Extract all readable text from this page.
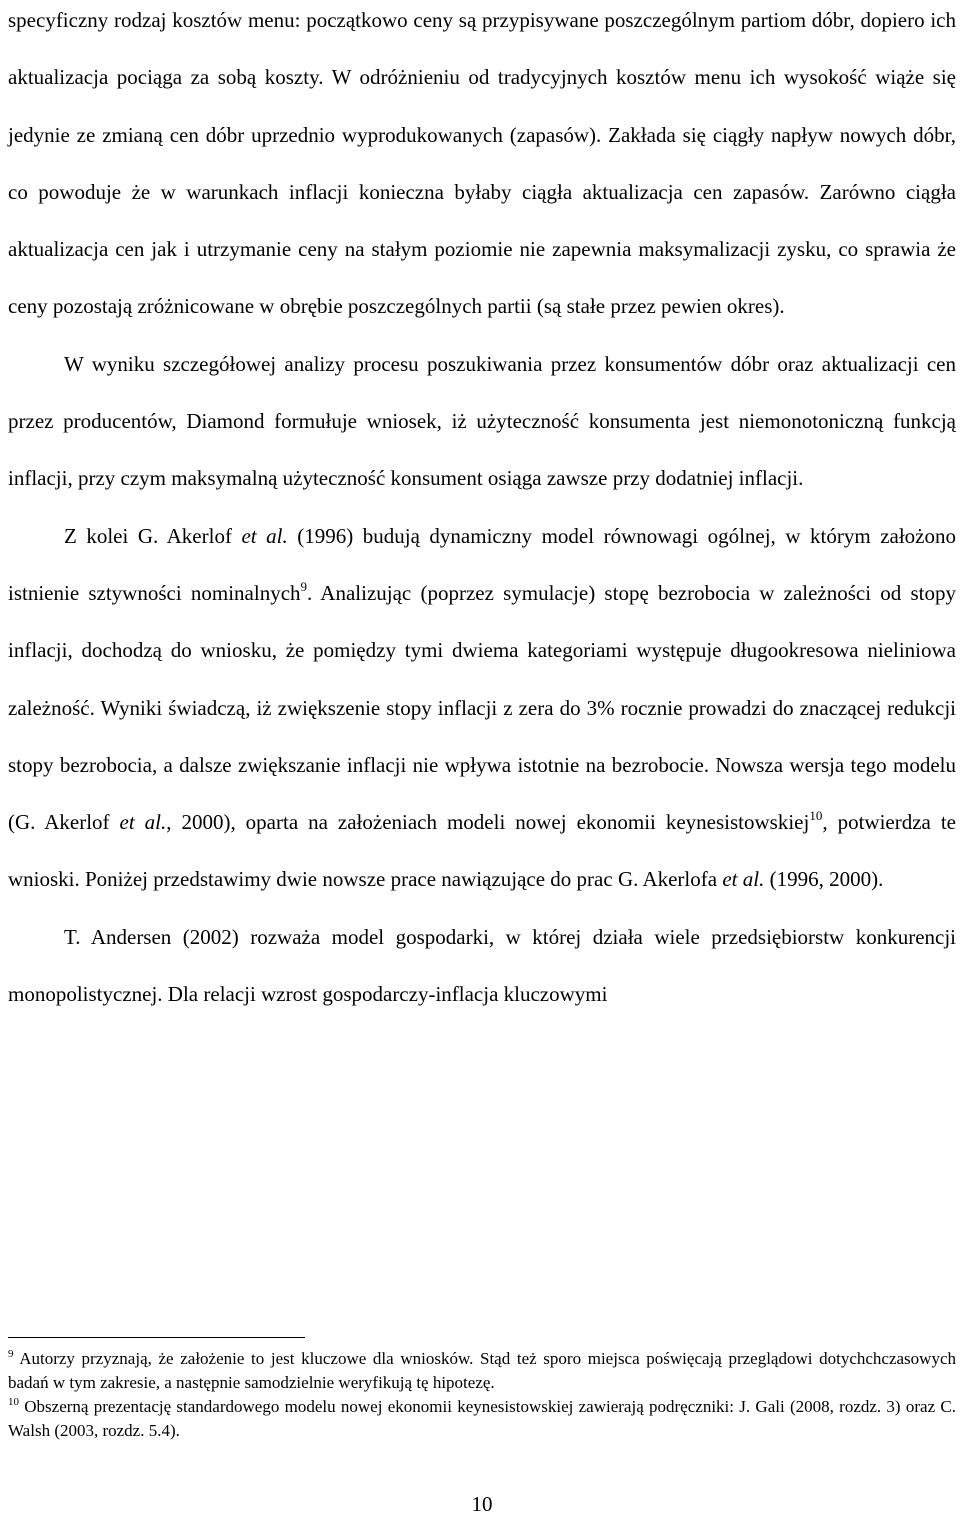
specyficzny rodzaj kosztów menu: początkowo ceny są przypisywane poszczególnym partiom dóbr, dopiero ich aktualizacja pociąga za sobą koszty. W odróżnieniu od tradycyjnych kosztów menu ich wysokość wiąże się jedynie ze zmianą cen dóbr uprzednio wyprodukowanych (zapasów). Zakłada się ciągły napływ nowych dóbr, co powoduje że w warunkach inflacji konieczna byłaby ciągła aktualizacja cen zapasów. Zarówno ciągła aktualizacja cen jak i utrzymanie ceny na stałym poziomie nie zapewnia maksymalizacji zysku, co sprawia że ceny pozostają zróżnicowane w obrębie poszczególnych partii (są stałe przez pewien okres).

W wyniku szczegółowej analizy procesu poszukiwania przez konsumentów dóbr oraz aktualizacji cen przez producentów, Diamond formułuje wniosek, iż użyteczność konsumenta jest niemonotoniczną funkcją inflacji, przy czym maksymalną użyteczność konsument osiąga zawsze przy dodatniej inflacji.

Z kolei G. Akerlof et al. (1996) budują dynamiczny model równowagi ogólnej, w którym założono istnienie sztywności nominalnych$^9$. Analizując (poprzez symulacje) stopę bezrobocia w zależności od stopy inflacji, dochodzą do wniosku, że pomiędzy tymi dwiema kategoriami występuje długookresowa nieliniowa zależność. Wyniki świadczą, iż zwiększenie stopy inflacji z zera do 3% rocznie prowadzi do znaczącej redukcji stopy bezrobocia, a dalsze zwiększanie inflacji nie wpływa istotnie na bezrobocie. Nowsza wersja tego modelu (G. Akerlof et al., 2000), oparta na założeniach modeli nowej ekonomii keynesistowskiej$^{10}$, potwierdza te wnioski. Poniżej przedstawimy dwie nowsze prace nawiązujące do prac G. Akerlofa et al. (1996, 2000).

T. Andersen (2002) rozważa model gospodarki, w której działa wiele przedsiębiorstw konkurencji monopolistycznej. Dla relacji wzrost gospodarczy-inflacja kluczowymi

$^9$ Autorzy przyznają, że założenie to jest kluczowe dla wniosków. Stąd też sporo miejsca poświęcają przeglądowi dotychchczasowych badań w tym zakresie, a następnie samodzielnie weryfikują tę hipotezę.

$^{10}$ Obszerną prezentację standardowego modelu nowej ekonomii keynesistowskiej zawierają podręczniki: J. Gali (2008, rozdz. 3) oraz C. Walsh (2003, rozdz. 5.4).

10
